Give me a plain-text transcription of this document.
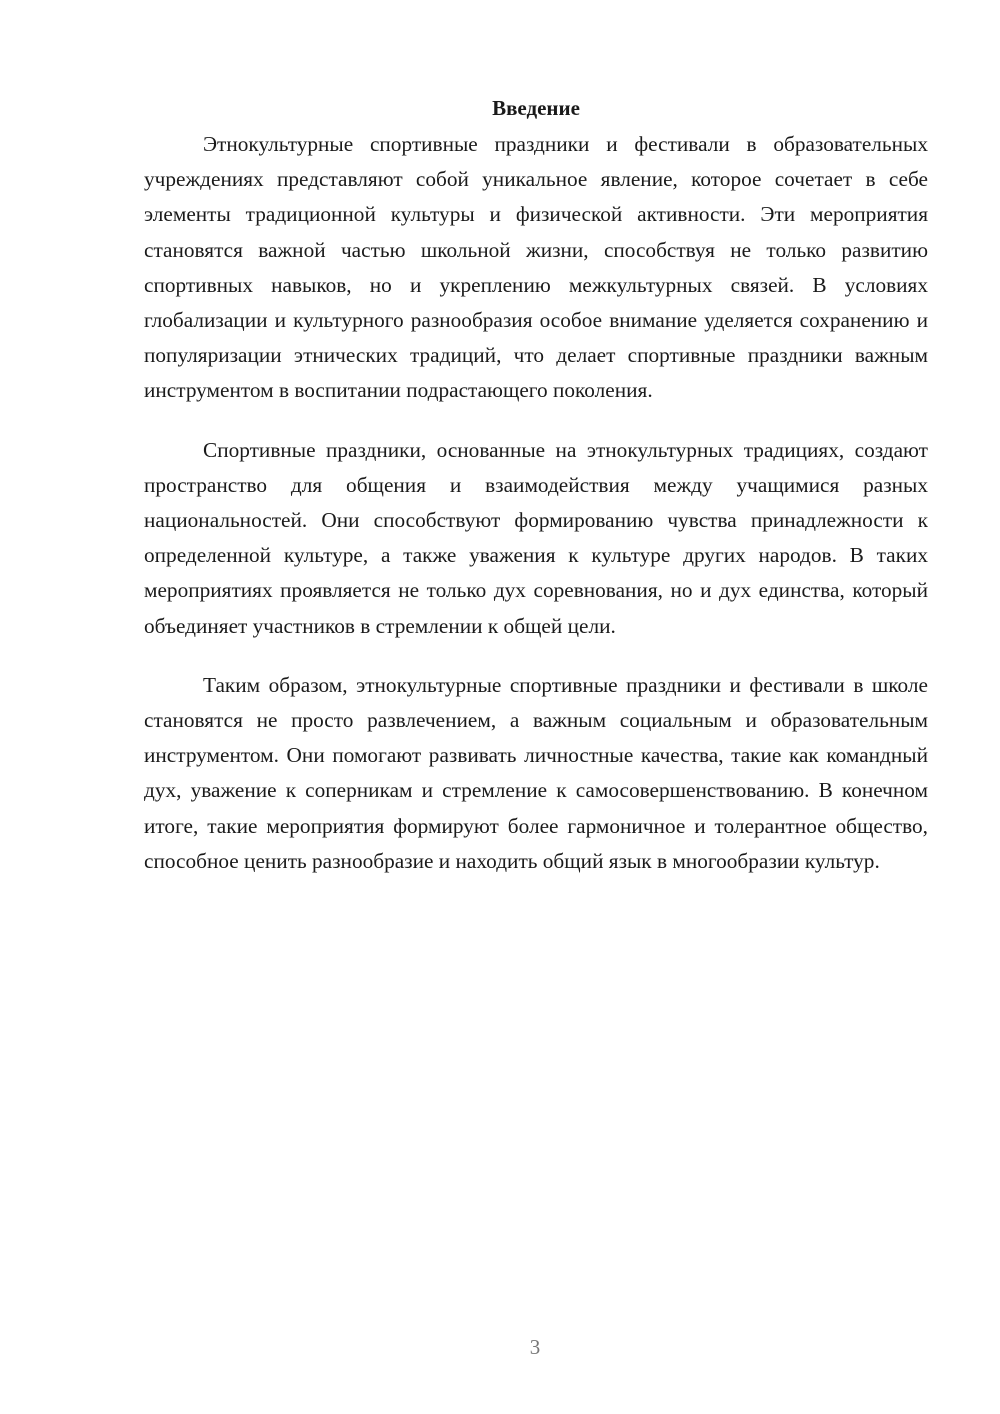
Введение

Этнокультурные спортивные праздники и фестивали в образовательных учреждениях представляют собой уникальное явление, которое сочетает в себе элементы традиционной культуры и физической активности. Эти мероприятия становятся важной частью школьной жизни, способствуя не только развитию спортивных навыков, но и укреплению межкультурных связей. В условиях глобализации и культурного разнообразия особое внимание уделяется сохранению и популяризации этнических традиций, что делает спортивные праздники важным инструментом в воспитании подрастающего поколения.

Спортивные праздники, основанные на этнокультурных традициях, создают пространство для общения и взаимодействия между учащимися разных национальностей. Они способствуют формированию чувства принадлежности к определенной культуре, а также уважения к культуре других народов. В таких мероприятиях проявляется не только дух соревнования, но и дух единства, который объединяет участников в стремлении к общей цели.

Таким образом, этнокультурные спортивные праздники и фестивали в школе становятся не просто развлечением, а важным социальным и образовательным инструментом. Они помогают развивать личностные качества, такие как командный дух, уважение к соперникам и стремление к самосовершенствованию. В конечном итоге, такие мероприятия формируют более гармоничное и толерантное общество, способное ценить разнообразие и находить общий язык в многообразии культур.

3
